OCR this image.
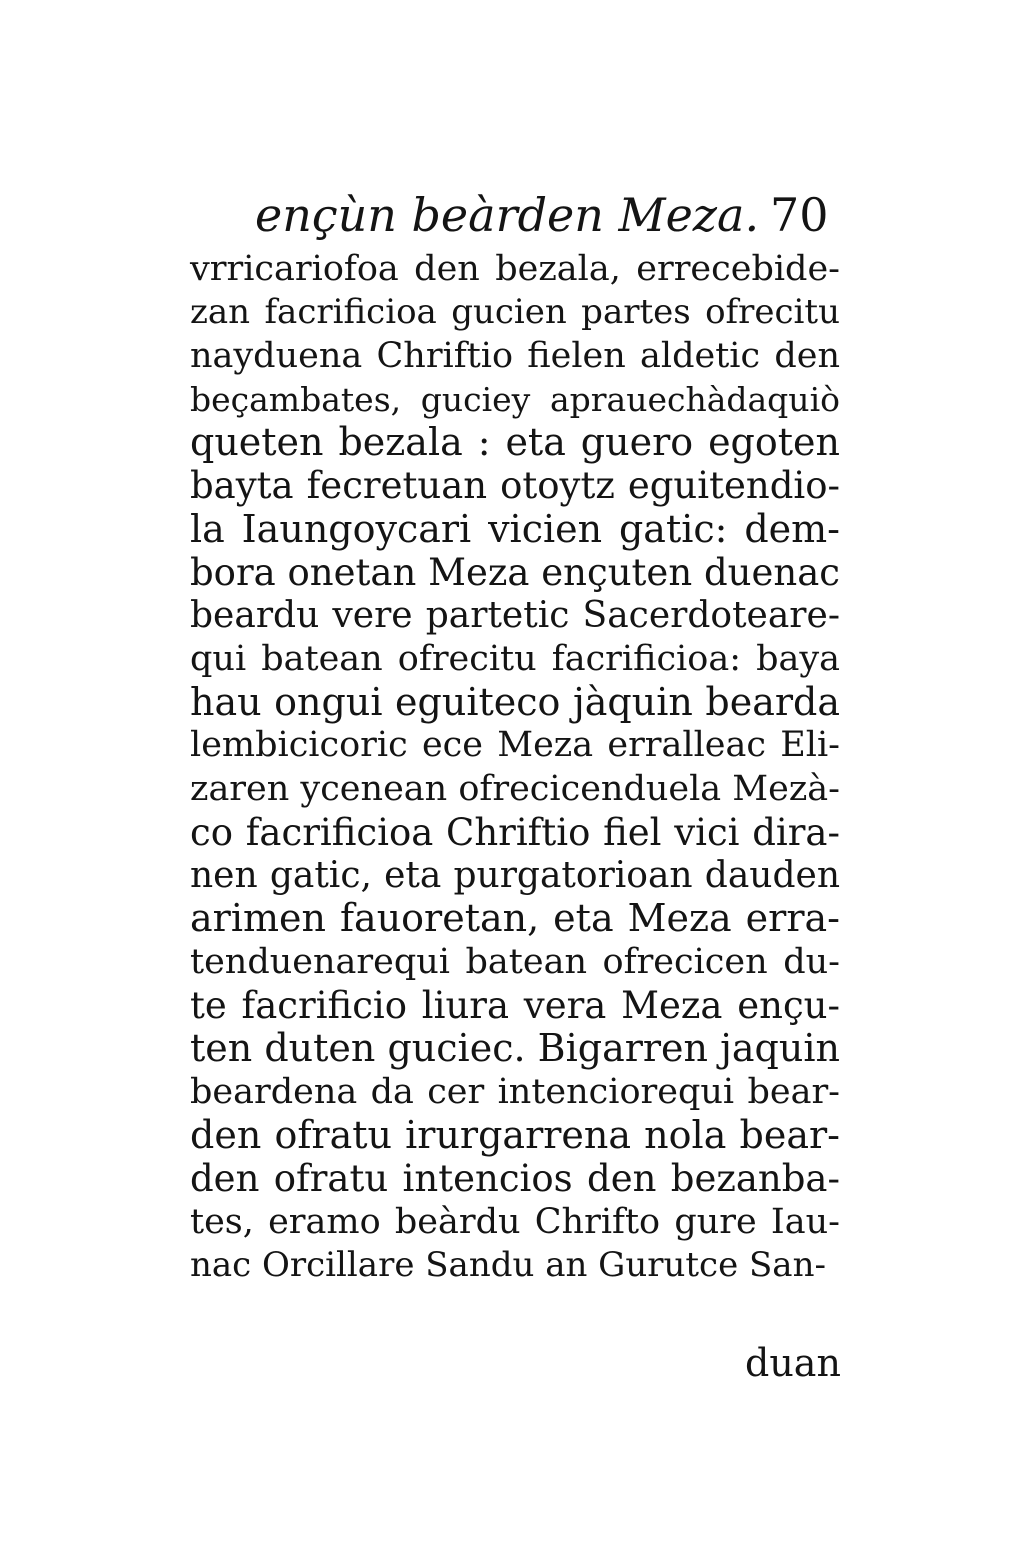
ençùn beàrden Meza. 70
vrricariofoa den bezala, errecebide-
zan facrificioa gucien partes ofrecitu
nayduena Chriftio fielen aldetic den
beçambates, guciey aprauechàdaquiò
queten bezala : eta guero egoten
bayta fecretuan otoytz eguitendio-
la Iaungoycari vicien gatic: dem-
bora onetan Meza ençuten duenac
beardu vere partetic Sacerdoteare-
qui batean ofrecitu facrificioa: baya
hau ongui eguiteco jàquin bearda
lembicicoric ece Meza erralleac Eli-
zaren ycenean ofrecicenduela Mezà-
co facrificioa Chriftio fiel vici dira-
nen gatic, eta purgatorioan dauden
arimen fauoretan, eta Meza erra-
tenduenarequi batean ofrecicen du-
te facrificio liura vera Meza ençu-
ten duten guciec. Bigarren jaquin
beardena da cer intenciorequi bear-
den ofratu irurgarrena nola bear-
den ofratu intencios den bezanba-
tes, eramo beàrdu Chrifto gure Iau-
nac Orcillare Sandu an Gurutce San-
duan
